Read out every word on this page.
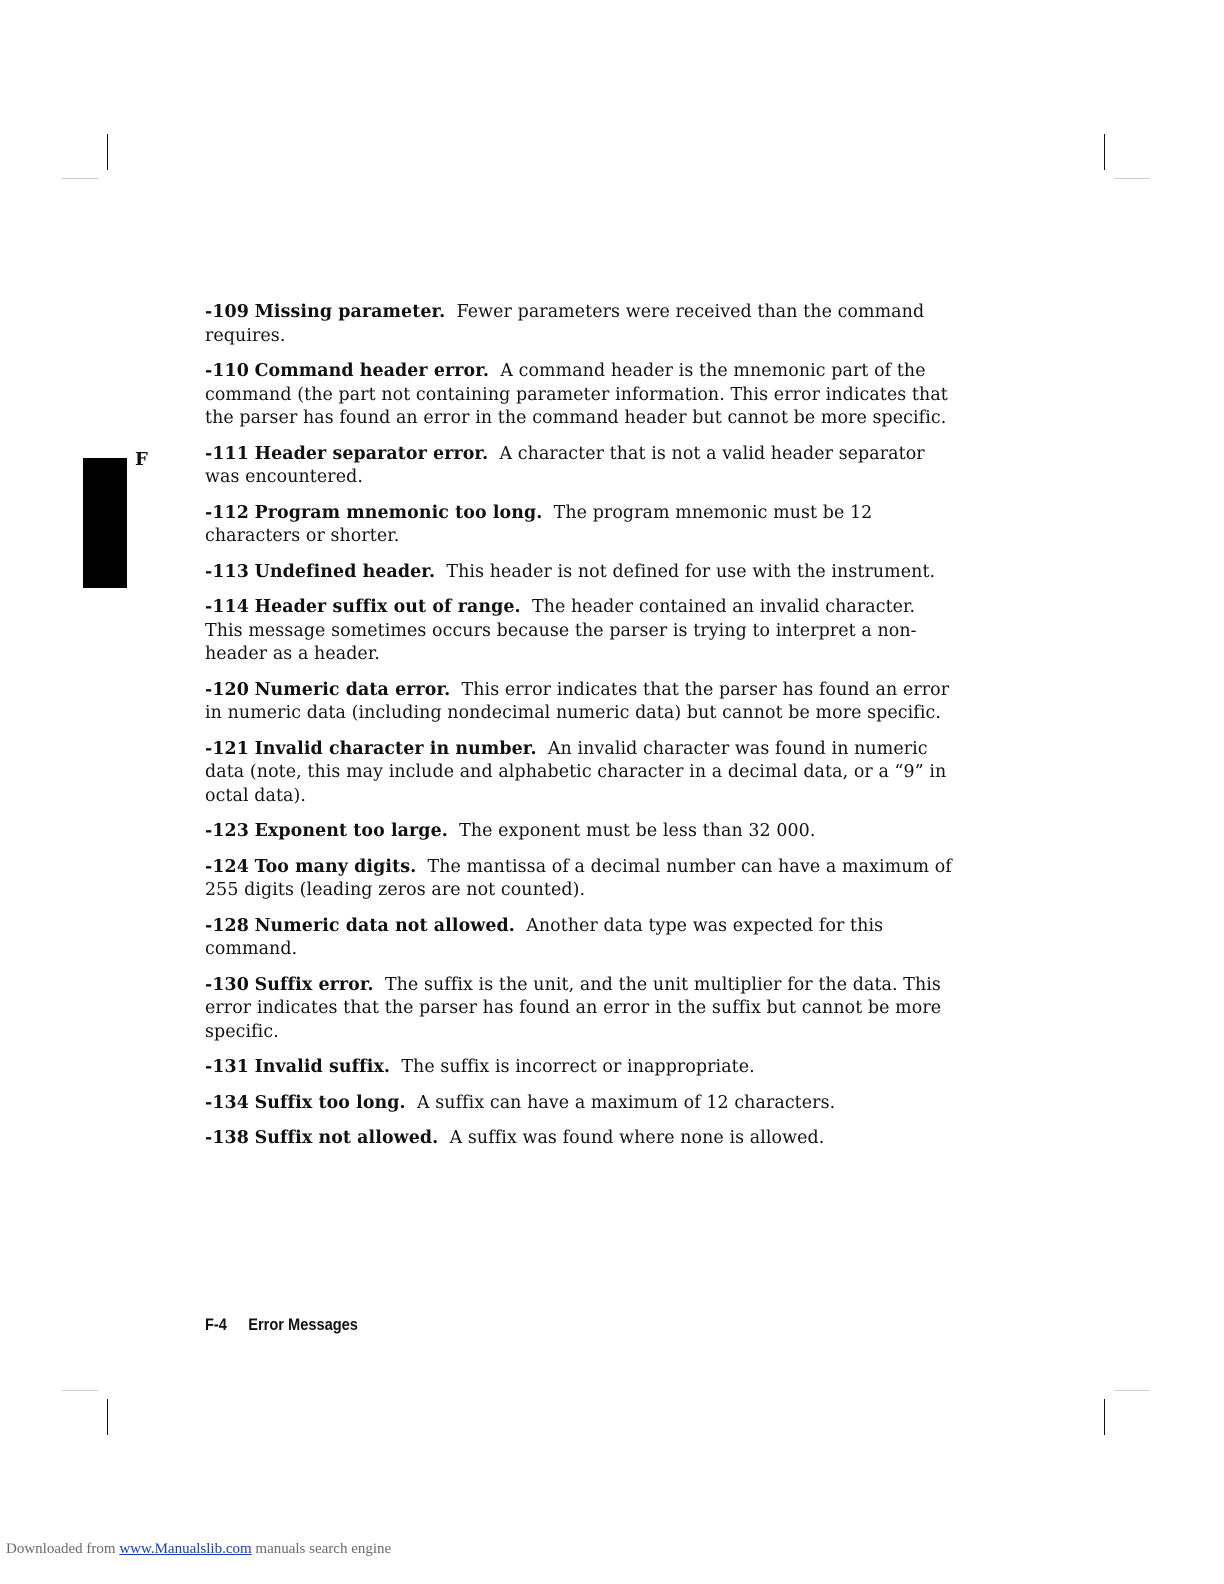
F

-109 Missing parameter. Fewer parameters were received than the command requires.

-110 Command header error. A command header is the mnemonic part of the command (the part not containing parameter information. This error indicates that the parser has found an error in the command header but cannot be more specific.

-111 Header separator error. A character that is not a valid header separator was encountered.

-112 Program mnemonic too long. The program mnemonic must be 12 characters or shorter.

-113 Undefined header. This header is not defined for use with the instrument.

-114 Header suffix out of range. The header contained an invalid character. This message sometimes occurs because the parser is trying to interpret a non-header as a header.

-120 Numeric data error. This error indicates that the parser has found an error in numeric data (including nondecimal numeric data) but cannot be more specific.

-121 Invalid character in number. An invalid character was found in numeric data (note, this may include and alphabetic character in a decimal data, or a “9” in octal data).

-123 Exponent too large. The exponent must be less than 32 000.

-124 Too many digits. The mantissa of a decimal number can have a maximum of 255 digits (leading zeros are not counted).

-128 Numeric data not allowed. Another data type was expected for this command.

-130 Suffix error. The suffix is the unit, and the unit multiplier for the data. This error indicates that the parser has found an error in the suffix but cannot be more specific.

-131 Invalid suffix. The suffix is incorrect or inappropriate.

-134 Suffix too long. A suffix can have a maximum of 12 characters.

-138 Suffix not allowed. A suffix was found where none is allowed.

F-4 Error Messages
Downloaded from www.Manualslib.com manuals search engine
